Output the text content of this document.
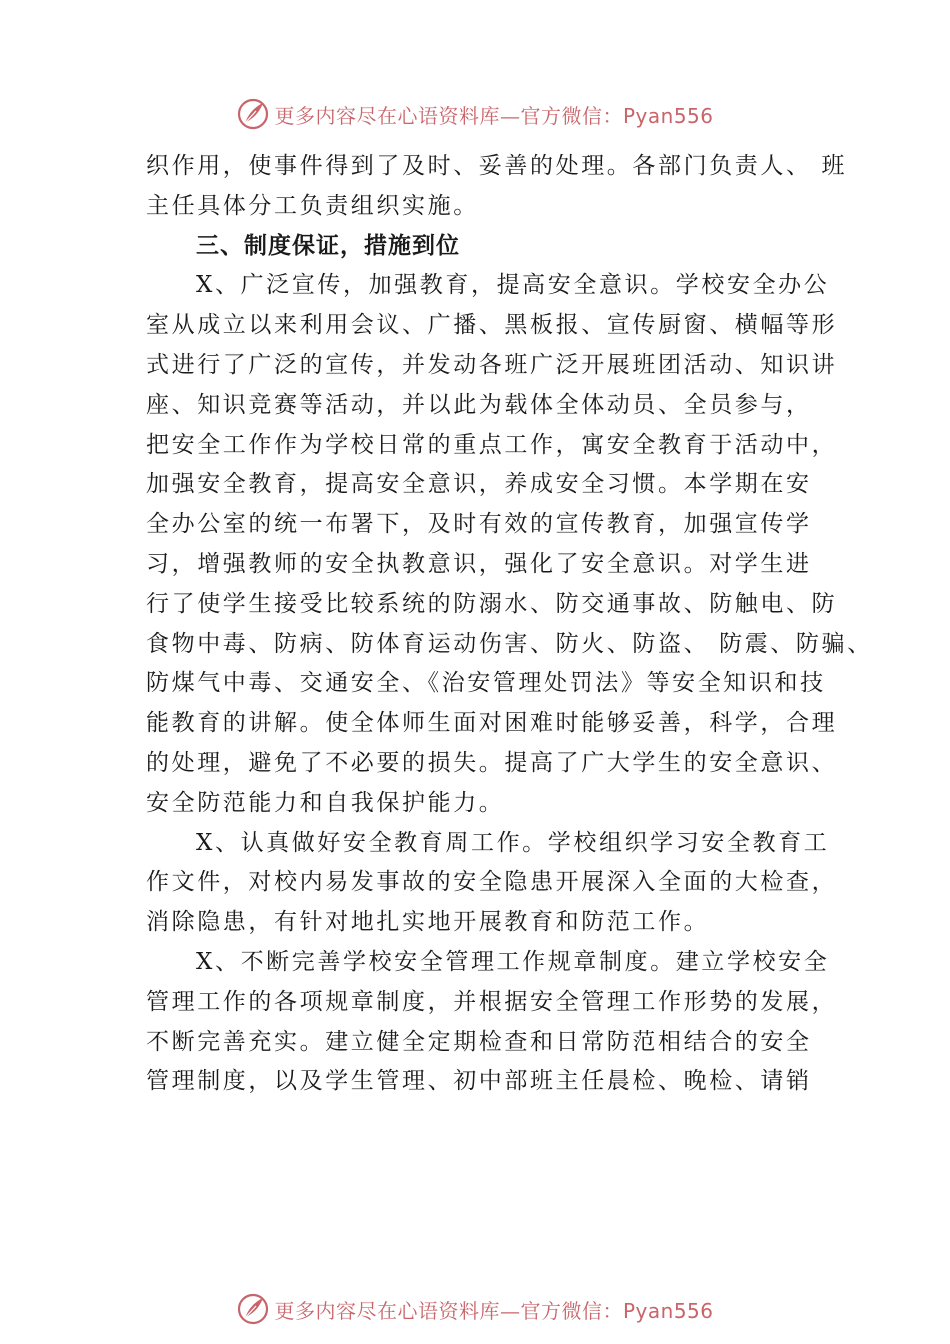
更多内容尽在心语资料库—官方微信：Pyan556
织作用，使事件得到了及时、妥善的处理。各部门负责人、 班
主任具体分工负责组织实施。
三、制度保证，措施到位
X、广泛宣传，加强教育，提高安全意识。学校安全办公
室从成立以来利用会议、广播、黑板报、宣传厨窗、横幅等形
式进行了广泛的宣传，并发动各班广泛开展班团活动、知识讲
座、知识竞赛等活动，并以此为载体全体动员、全员参与，
把安全工作作为学校日常的重点工作，寓安全教育于活动中，
加强安全教育，提高安全意识，养成安全习惯。本学期在安
全办公室的统一布署下，及时有效的宣传教育，加强宣传学
习，增强教师的安全执教意识，强化了安全意识。对学生进
行了使学生接受比较系统的防溺水、防交通事故、防触电、防
食物中毒、防病、防体育运动伤害、防火、防盗、 防震、防骗、
防煤气中毒、交通安全、《治安管理处罚法》等安全知识和技
能教育的讲解。使全体师生面对困难时能够妥善，科学，合理
的处理，避免了不必要的损失。提高了广大学生的安全意识、
安全防范能力和自我保护能力。
X、认真做好安全教育周工作。学校组织学习安全教育工
作文件，对校内易发事故的安全隐患开展深入全面的大检查，
消除隐患，有针对地扎实地开展教育和防范工作。
X、不断完善学校安全管理工作规章制度。建立学校安全
管理工作的各项规章制度，并根据安全管理工作形势的发展，
不断完善充实。建立健全定期检查和日常防范相结合的安全
管理制度，以及学生管理、初中部班主任晨检、晚检、请销
更多内容尽在心语资料库—官方微信：Pyan556
